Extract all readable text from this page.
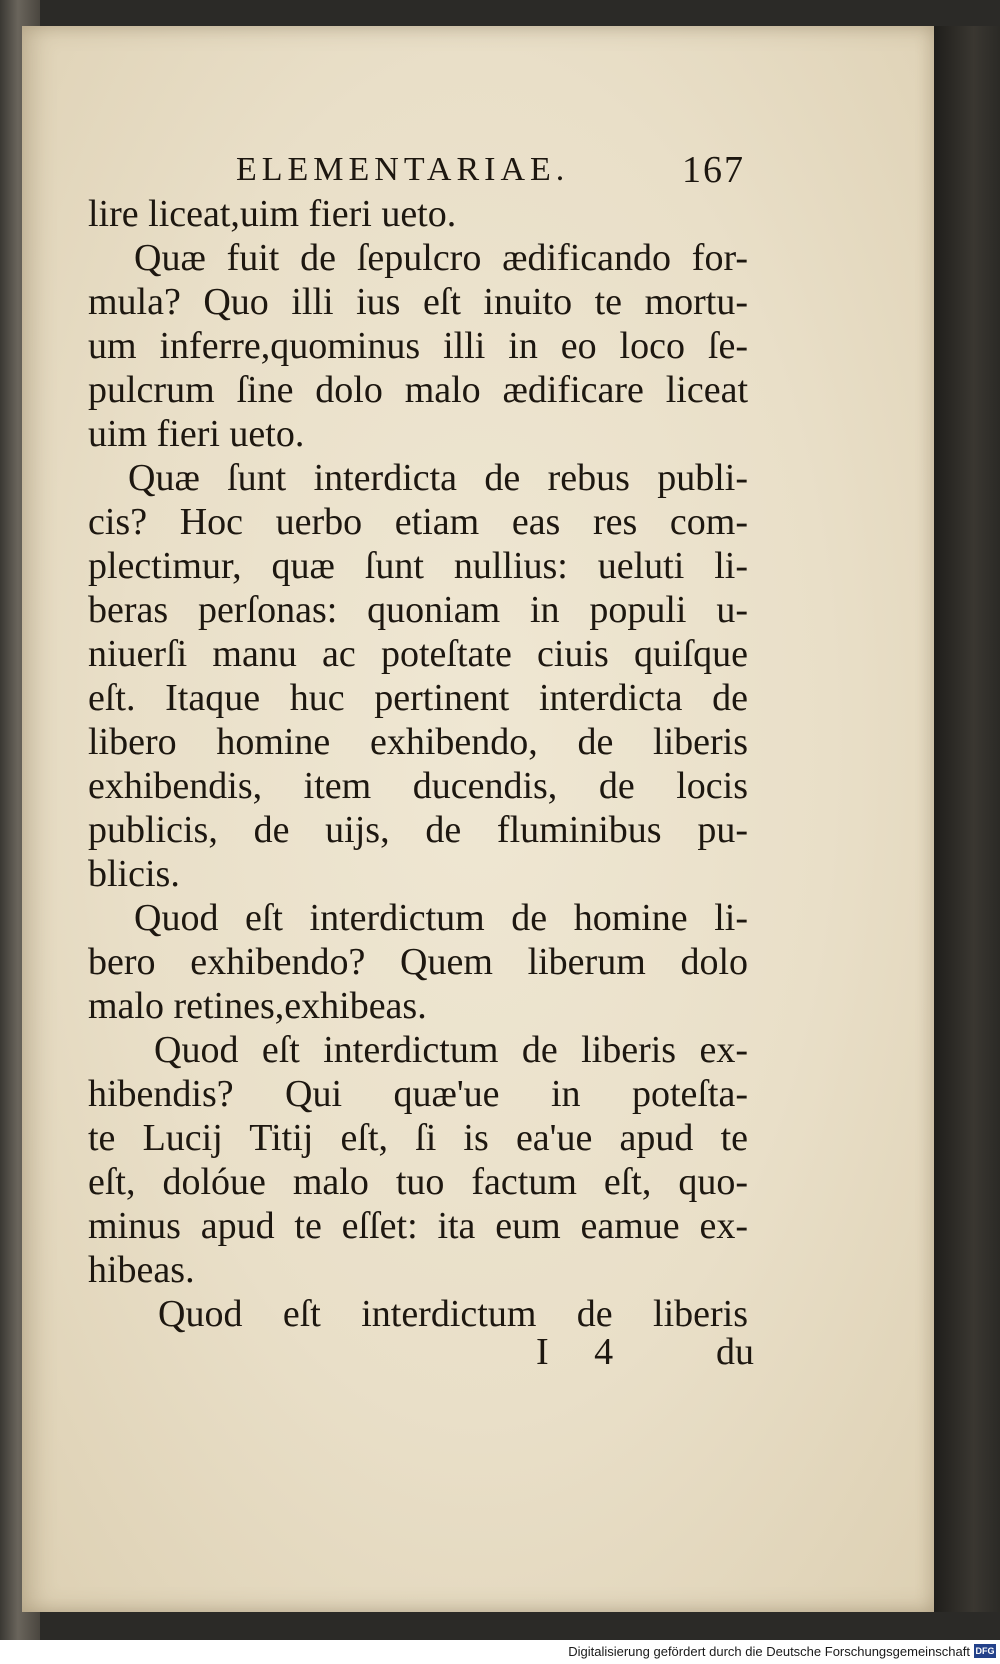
ELEMENTARIAE.	167
lire liceat,uim fieri ueto.
Quæ fuit de ſepulcro ædificando for-
mula? Quo illi ius eſt inuito te mortu-
um inferre,quominus illi in eo loco ſe-
pulcrum ſine dolo malo ædificare liceat
uim fieri ueto.
Quæ ſunt interdicta de rebus publi-
cis? Hoc uerbo etiam eas res com-
plectimur, quæ ſunt nullius: ueluti li-
beras perſonas: quoniam in populi u-
niuerſi manu ac poteſtate ciuis quiſque
eſt. Itaque huc pertinent interdicta de
libero homine exhibendo, de liberis
exhibendis, item ducendis, de locis
publicis, de uijs, de fluminibus pu-
blicis.
Quod eſt interdictum de homine li-
bero exhibendo? Quem liberum dolo
malo retines,exhibeas.
Quod eſt interdictum de liberis ex-
hibendis? Qui quæ'ue in poteſta-
te Lucij Titij eſt, ſi is ea'ue apud te
eſt, dolóue malo tuo factum eſt, quo-
minus apud te eſſet: ita eum eamue ex-
hibeas.
Quod eſt interdictum de liberis
I 4 du
Digitalisierung gefördert durch die Deutsche Forschungsgemeinschaft DFG
